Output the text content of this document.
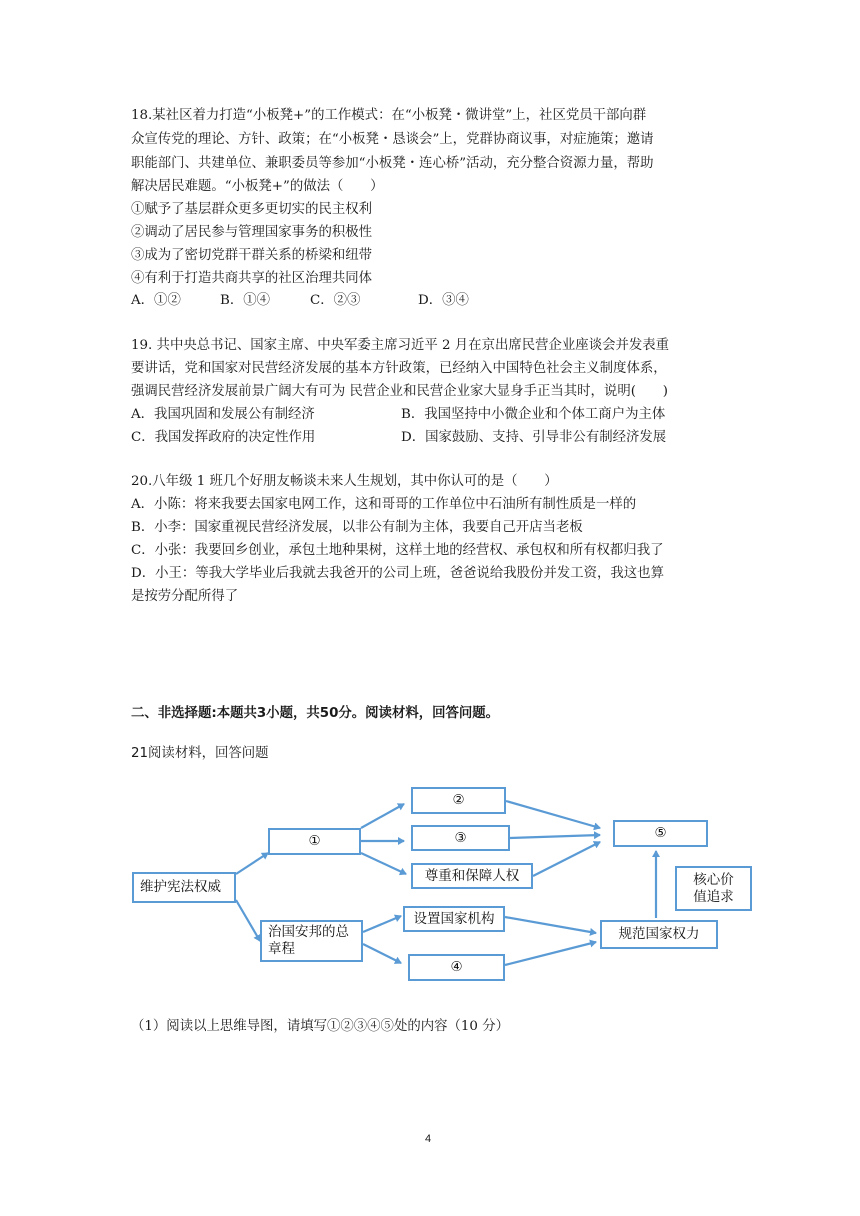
18.某社区着力打造“小板凳+”的工作模式：在“小板凳・微讲堂”上，社区党员干部向群
众宣传党的理论、方针、政策；在“小板凳・恳谈会”上，党群协商议事，对症施策；邀请
职能部门、共建单位、兼职委员等参加“小板凳・连心桥”活动，充分整合资源力量，帮助
解决居民难题。“小板凳+”的做法（　　）
①赋予了基层群众更多更切实的民主权利
②调动了居民参与管理国家事务的积极性
③成为了密切党群干群关系的桥梁和纽带
④有利于打造共商共享的社区治理共同体
A．①②	B．①④	C．②③	D．③④
19. 共中央总书记、国家主席、中央军委主席习近平 2 月在京出席民营企业座谈会并发表重
要讲话，党和国家对民营经济发展的基本方针政策，已经纳入中国特色社会主义制度体系，
强调民营经济发展前景广阔大有可为 民营企业和民营企业家大显身手正当其时，说明(　　)
A．我国巩固和发展公有制经济	B．我国坚持中小微企业和个体工商户为主体
C．我国发挥政府的决定性作用	D．国家鼓励、支持、引导非公有制经济发展
20.八年级 1 班几个好朋友畅谈未来人生规划，其中你认可的是（　　）
A．小陈：将来我要去国家电网工作，这和哥哥的工作单位中石油所有制性质是一样的
B．小李：国家重视民营经济发展，以非公有制为主体，我要自己开店当老板
C．小张：我要回乡创业，承包土地种果树，这样土地的经营权、承包权和所有权都归我了
D．小王：等我大学毕业后我就去我爸开的公司上班，爸爸说给我股份并发工资，我这也算
是按劳分配所得了
二、非选择题:本题共3小题，共50分。阅读材料，回答问题。
21阅读材料，回答问题
维护宪法权威
①
②
③
尊重和保障人权
治国安邦的总章程
设置国家机构
④
规范国家权力
⑤
核心价值追求
（1）阅读以上思维导图，请填写①②③④⑤处的内容（10 分）
4
